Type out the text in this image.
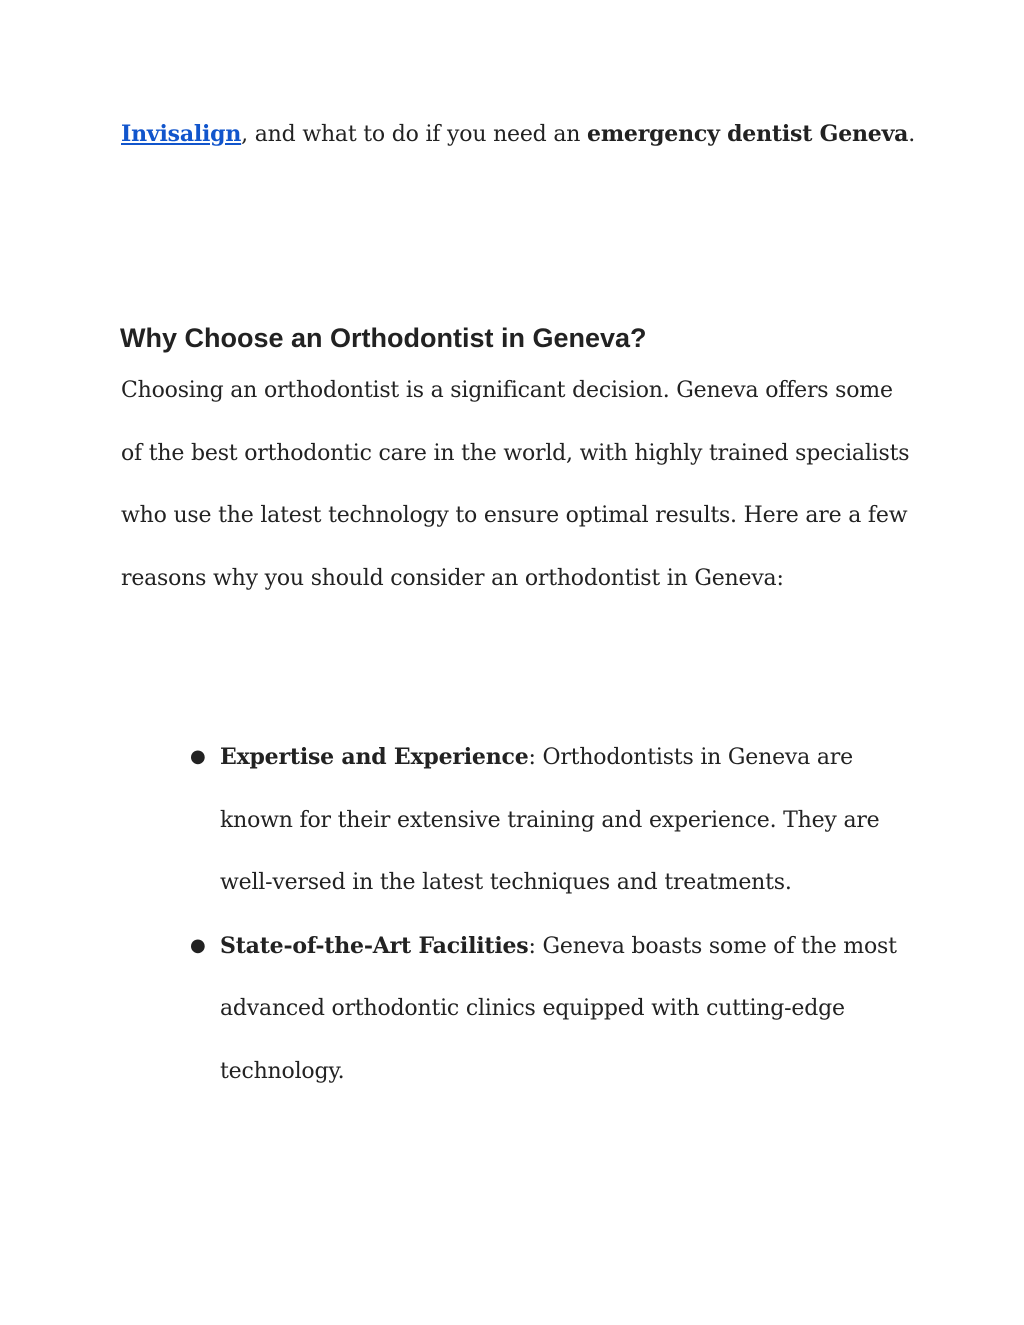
Invisalign, and what to do if you need an emergency dentist Geneva.

Why Choose an Orthodontist in Geneva?

Choosing an orthodontist is a significant decision. Geneva offers some of the best orthodontic care in the world, with highly trained specialists who use the latest technology to ensure optimal results. Here are a few reasons why you should consider an orthodontist in Geneva:

● Expertise and Experience: Orthodontists in Geneva are known for their extensive training and experience. They are well-versed in the latest techniques and treatments.
● State-of-the-Art Facilities: Geneva boasts some of the most advanced orthodontic clinics equipped with cutting-edge technology.
